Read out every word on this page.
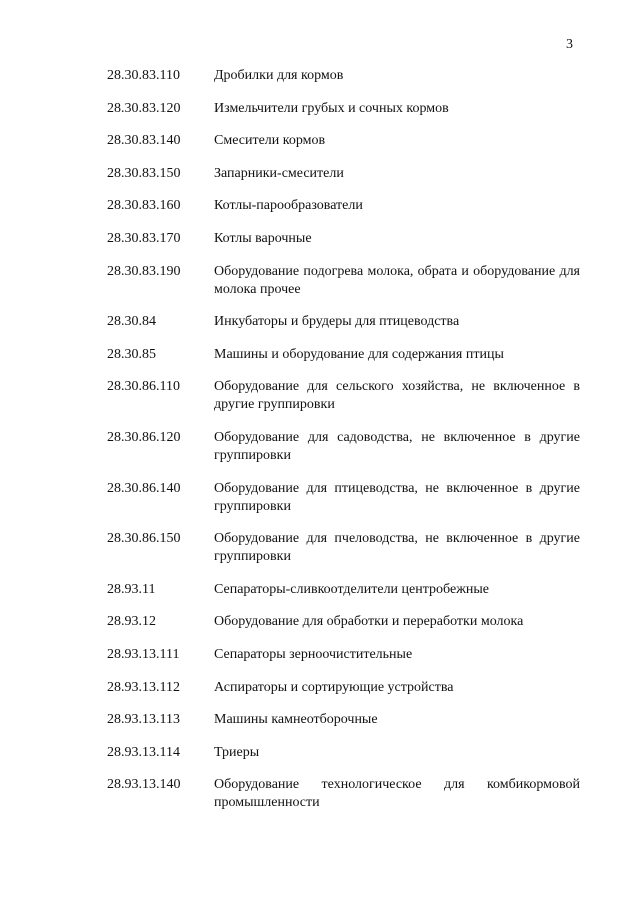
3
28.30.83.110 Дробилки для кормов
28.30.83.120 Измельчители грубых и сочных кормов
28.30.83.140 Смесители кормов
28.30.83.150 Запарники-смесители
28.30.83.160 Котлы-парообразователи
28.30.83.170 Котлы варочные
28.30.83.190 Оборудование подогрева молока, обрата и оборудование для молока прочее
28.30.84	Инкубаторы и брудеры для птицеводства
28.30.85	Машины и оборудование для содержания птицы
28.30.86.110 Оборудование для сельского хозяйства, не включенное в другие группировки
28.30.86.120 Оборудование для садоводства, не включенное в другие группировки
28.30.86.140 Оборудование для птицеводства, не включенное в другие группировки
28.30.86.150 Оборудование для пчеловодства, не включенное в другие группировки
28.93.11	Сепараторы-сливкоотделители центробежные
28.93.12	Оборудование для обработки и переработки молока
28.93.13.111 Сепараторы зерноочистительные
28.93.13.112 Аспираторы и сортирующие устройства
28.93.13.113 Машины камнеотборочные
28.93.13.114 Триеры
28.93.13.140 Оборудование технологическое для комбикормовой промышленности
